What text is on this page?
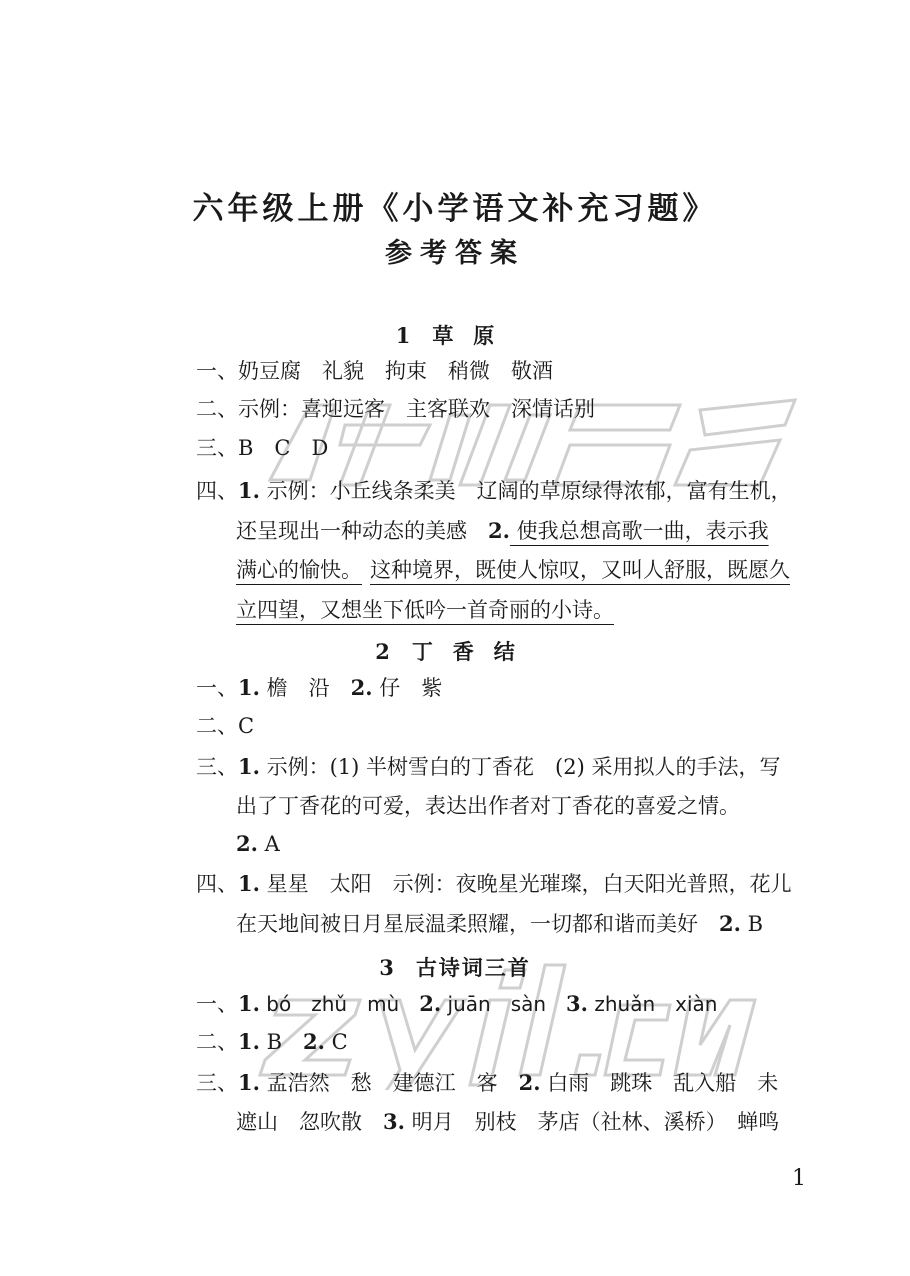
六年级上册《小学语文补充习题》
参考答案
1 草原
一、奶豆腐　礼貌　拘束　稍微　敬酒
二、示例：喜迎远客　主客联欢　深情话别
三、B　C　D
四、1. 示例：小丘线条柔美　辽阔的草原绿得浓郁，富有生机，
还呈现出一种动态的美感　2. 使我总想高歌一曲，表示我
满心的愉快。 这种境界，既使人惊叹，又叫人舒服，既愿久
立四望，又想坐下低吟一首奇丽的小诗。
2 丁香结
一、1. 檐　沿　2. 仔　紫
二、C
三、1. 示例：(1) 半树雪白的丁香花　(2) 采用拟人的手法，写
出了丁香花的可爱，表达出作者对丁香花的喜爱之情。
2. A
四、1. 星星　太阳　示例：夜晚星光璀璨，白天阳光普照，花儿
在天地间被日月星辰温柔照耀，一切都和谐而美好　2. B
3 古诗词三首
一、1. bó　zhǔ　mù　2. juān　sàn　3. zhuǎn　xiàn
二、1. B　2. C
三、1. 孟浩然　愁　建德江　客　2. 白雨　跳珠　乱入船　未
遮山　忽吹散　3. 明月　别枝　茅店（社林、溪桥）　蝉鸣
1
